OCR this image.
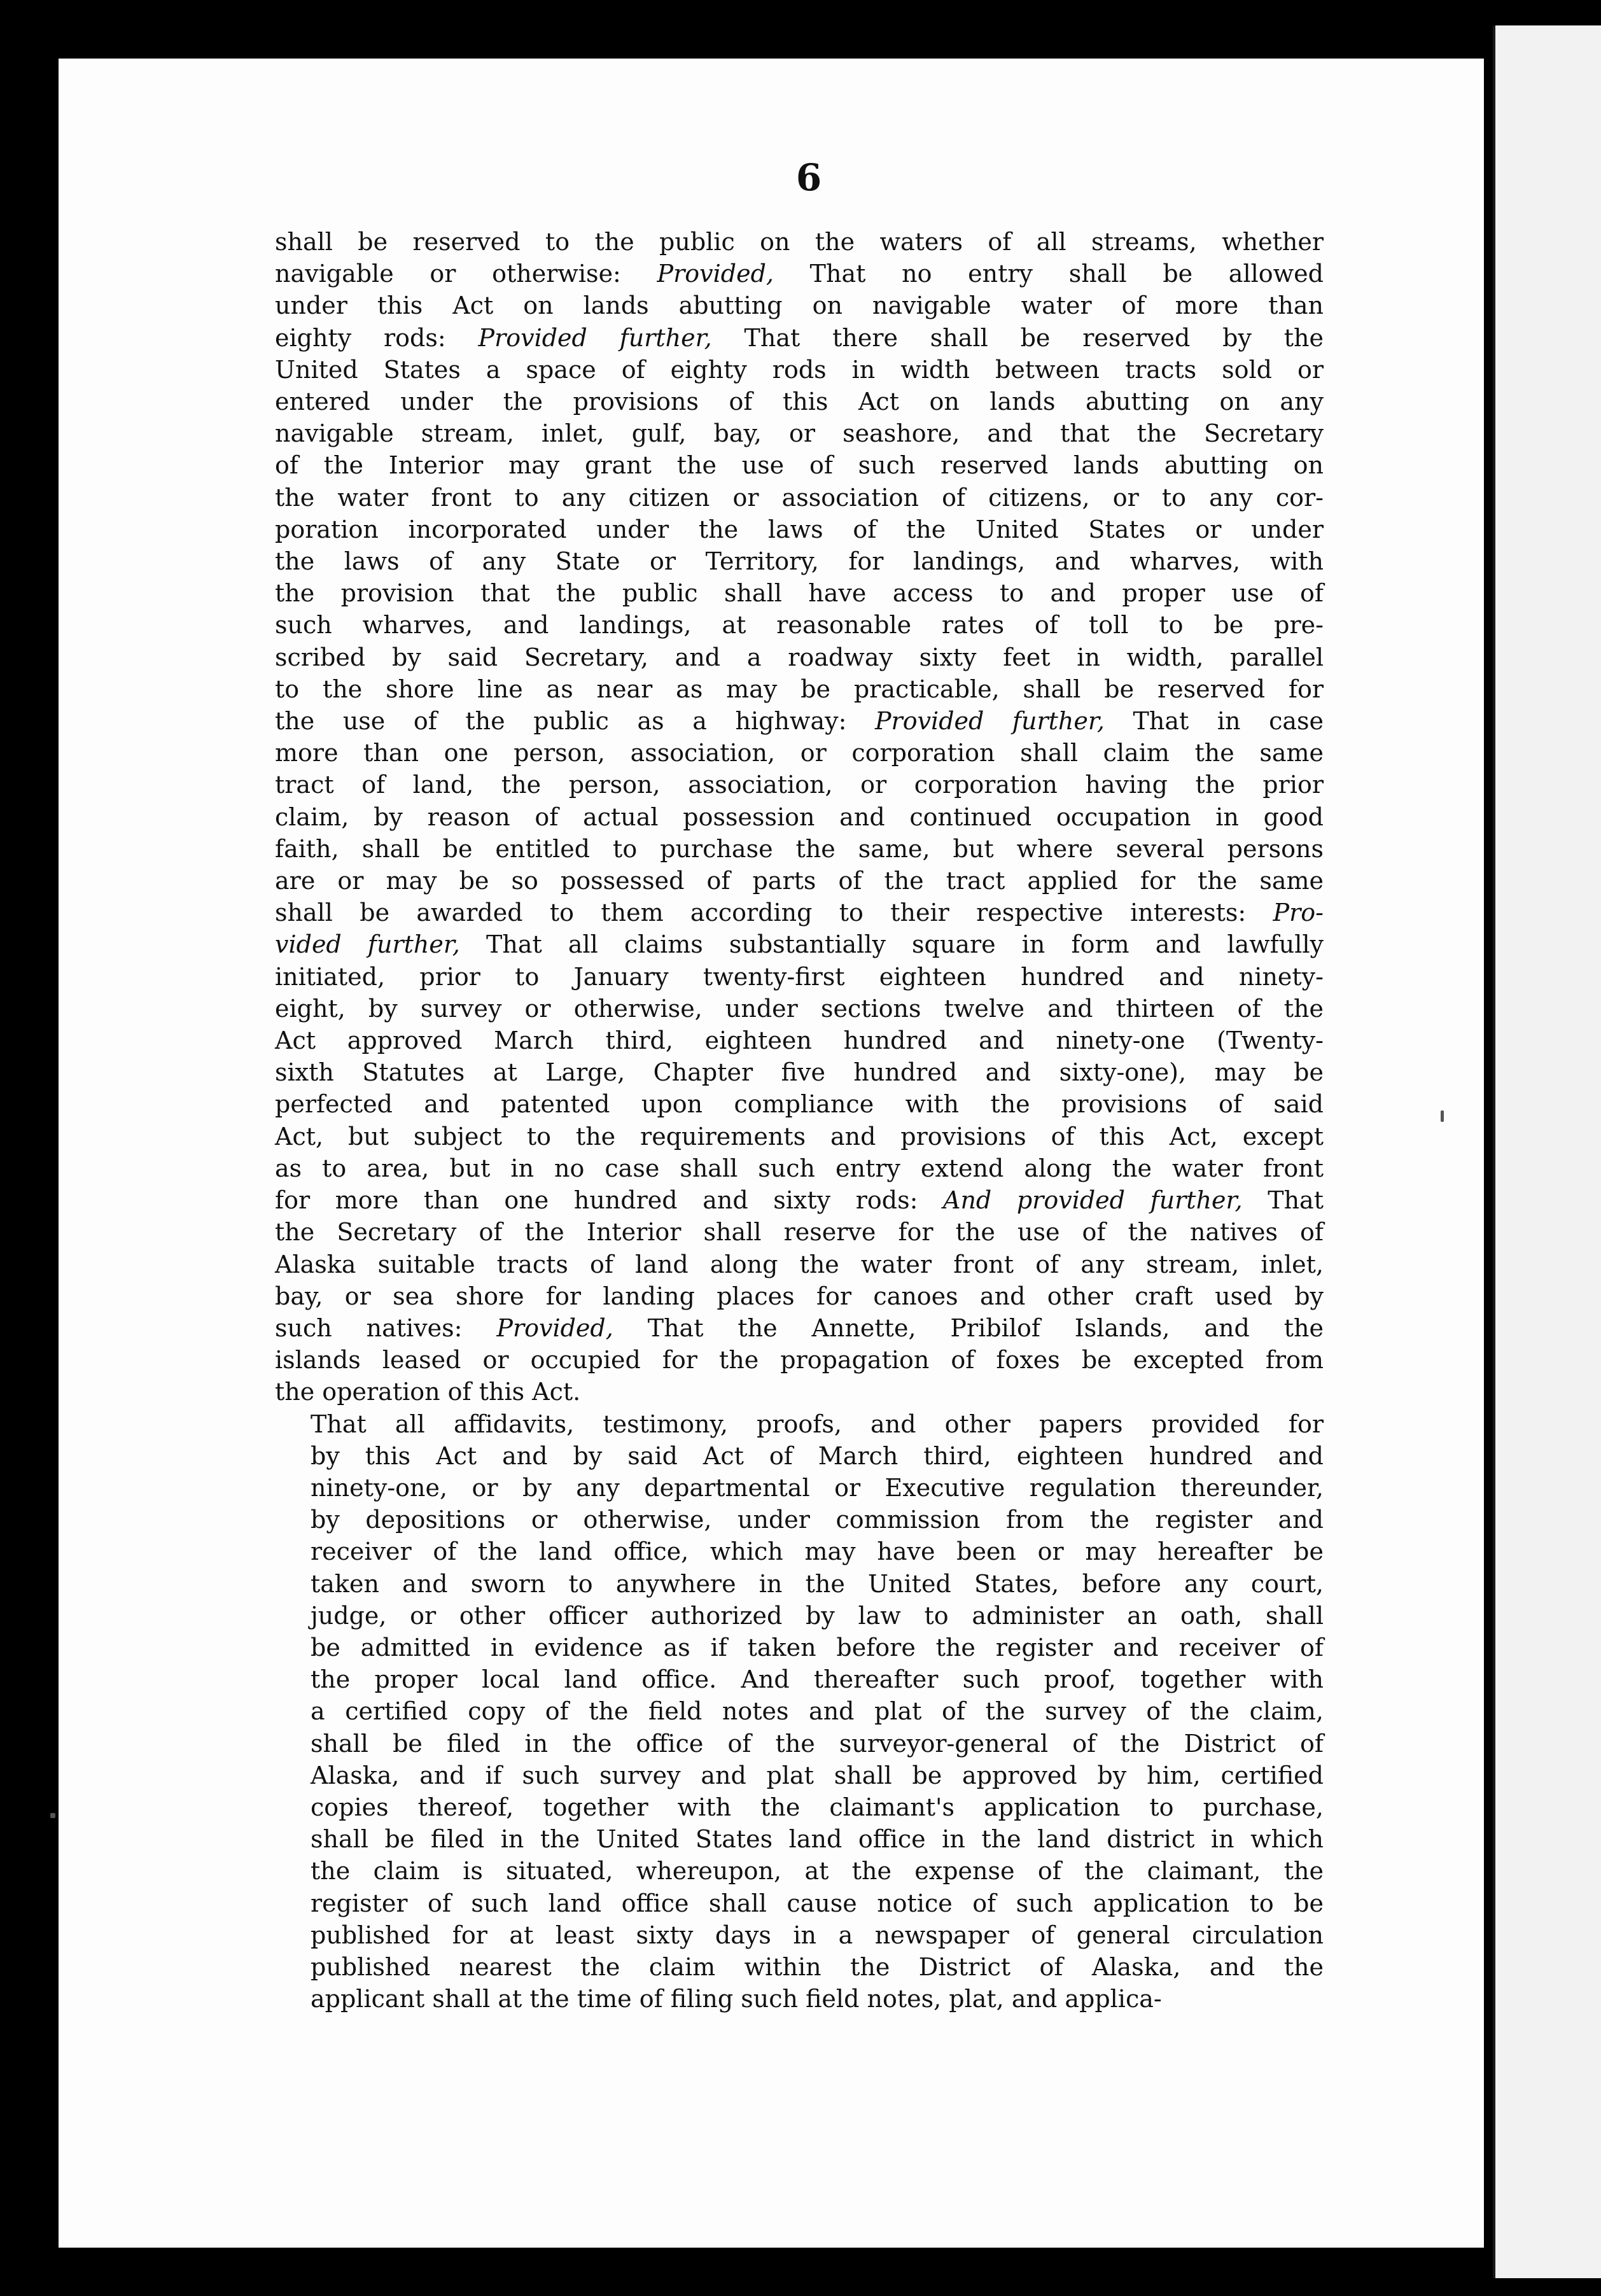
6
shall be reserved to the public on the waters of all streams, whether
navigable or otherwise: Provided, That no entry shall be allowed
under this Act on lands abutting on navigable water of more than
eighty rods: Provided further, That there shall be reserved by the
United States a space of eighty rods in width between tracts sold or
entered under the provisions of this Act on lands abutting on any
navigable stream, inlet, gulf, bay, or seashore, and that the Secretary
of the Interior may grant the use of such reserved lands abutting on
the water front to any citizen or association of citizens, or to any cor-
poration incorporated under the laws of the United States or under
the laws of any State or Territory, for landings, and wharves, with
the provision that the public shall have access to and proper use of
such wharves, and landings, at reasonable rates of toll to be pre-
scribed by said Secretary, and a roadway sixty feet in width, parallel
to the shore line as near as may be practicable, shall be reserved for
the use of the public as a highway: Provided further, That in case
more than one person, association, or corporation shall claim the same
tract of land, the person, association, or corporation having the prior
claim, by reason of actual possession and continued occupation in good
faith, shall be entitled to purchase the same, but where several persons
are or may be so possessed of parts of the tract applied for the same
shall be awarded to them according to their respective interests: Pro-
vided further, That all claims substantially square in form and lawfully
initiated, prior to January twenty-first eighteen hundred and ninety-
eight, by survey or otherwise, under sections twelve and thirteen of the
Act approved March third, eighteen hundred and ninety-one (Twenty-
sixth Statutes at Large, Chapter five hundred and sixty-one), may be
perfected and patented upon compliance with the provisions of said
Act, but subject to the requirements and provisions of this Act, except
as to area, but in no case shall such entry extend along the water front
for more than one hundred and sixty rods: And provided further, That
the Secretary of the Interior shall reserve for the use of the natives of
Alaska suitable tracts of land along the water front of any stream, inlet,
bay, or sea shore for landing places for canoes and other craft used by
such natives: Provided, That the Annette, Pribilof Islands, and the
islands leased or occupied for the propagation of foxes be excepted from
the operation of this Act.
That all affidavits, testimony, proofs, and other papers provided for
by this Act and by said Act of March third, eighteen hundred and
ninety-one, or by any departmental or Executive regulation thereunder,
by depositions or otherwise, under commission from the register and
receiver of the land office, which may have been or may hereafter be
taken and sworn to anywhere in the United States, before any court,
judge, or other officer authorized by law to administer an oath, shall
be admitted in evidence as if taken before the register and receiver of
the proper local land office. And thereafter such proof, together with
a certified copy of the field notes and plat of the survey of the claim,
shall be filed in the office of the surveyor-general of the District of
Alaska, and if such survey and plat shall be approved by him, certified
copies thereof, together with the claimant's application to purchase,
shall be filed in the United States land office in the land district in which
the claim is situated, whereupon, at the expense of the claimant, the
register of such land office shall cause notice of such application to be
published for at least sixty days in a newspaper of general circulation
published nearest the claim within the District of Alaska, and the
applicant shall at the time of filing such field notes, plat, and applica-
